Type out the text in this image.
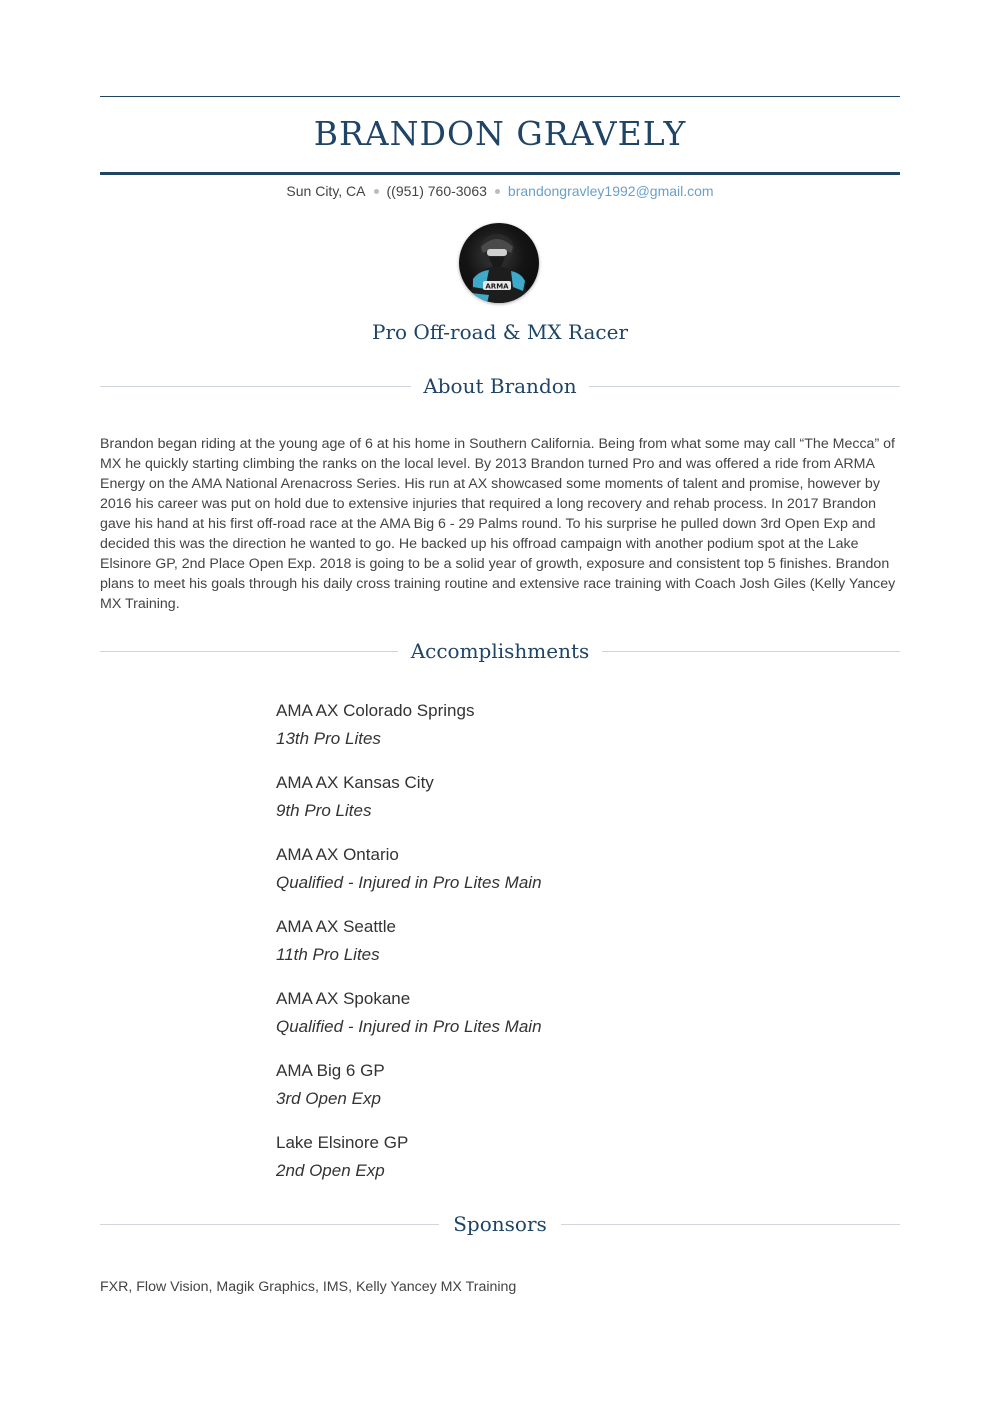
BRANDON GRAVELY
Sun City, CA ((951) 760-3063 brandongravley1992@gmail.com
ARMA
Pro Off-road & MX Racer
About Brandon
Brandon began riding at the young age of 6 at his home in Southern California. Being from what some may call “The Mecca” of MX he quickly starting climbing the ranks on the local level. By 2013 Brandon turned Pro and was offered a ride from ARMA Energy on the AMA National Arenacross Series. His run at AX showcased some moments of talent and promise, however by 2016 his career was put on hold due to extensive injuries that required a long recovery and rehab process. In 2017 Brandon gave his hand at his first off-road race at the AMA Big 6 - 29 Palms round. To his surprise he pulled down 3rd Open Exp and decided this was the direction he wanted to go. He backed up his offroad campaign with another podium spot at the Lake Elsinore GP, 2nd Place Open Exp. 2018 is going to be a solid year of growth, exposure and consistent top 5 finishes. Brandon plans to meet his goals through his daily cross training routine and extensive race training with Coach Josh Giles (Kelly Yancey MX Training.
Accomplishments
AMA AX Colorado Springs
13th Pro Lites
AMA AX Kansas City
9th Pro Lites
AMA AX Ontario
Qualified - Injured in Pro Lites Main
AMA AX Seattle
11th Pro Lites
AMA AX Spokane
Qualified - Injured in Pro Lites Main
AMA Big 6 GP
3rd Open Exp
Lake Elsinore GP
2nd Open Exp
Sponsors
FXR, Flow Vision, Magik Graphics, IMS, Kelly Yancey MX Training
